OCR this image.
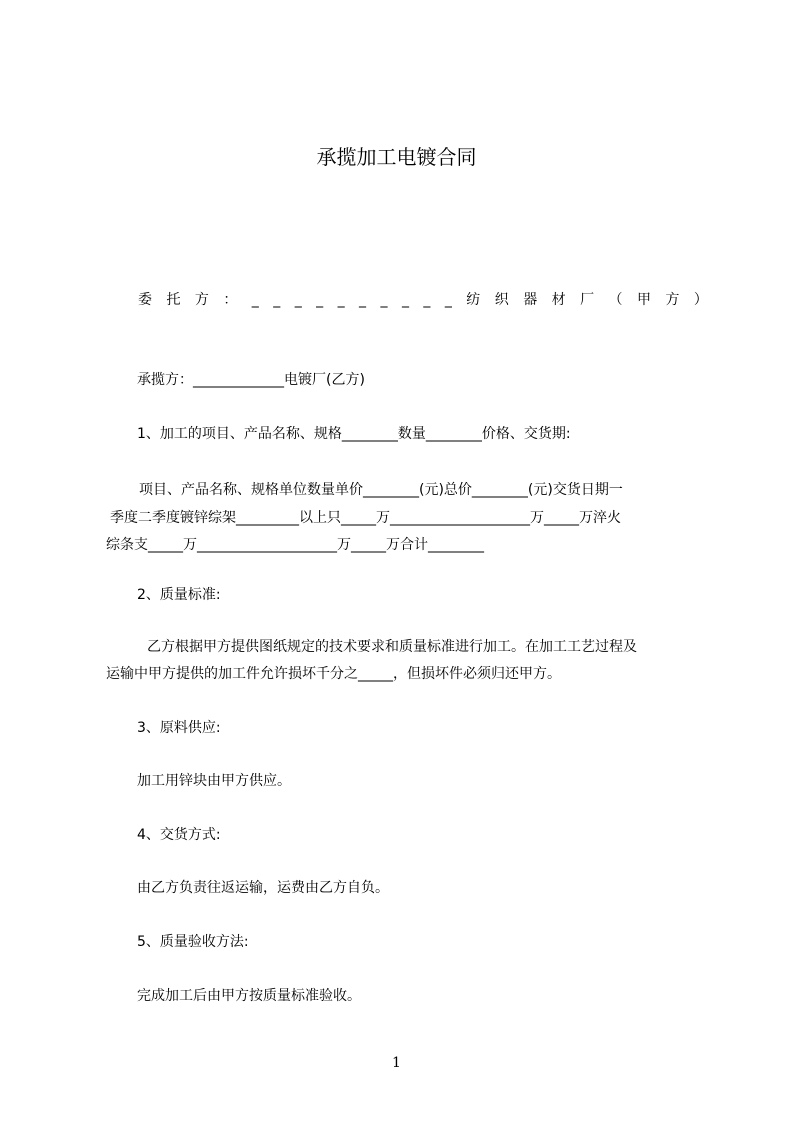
承揽加工电镀合同
委 托 方 ： _ _ _ _ _ _ _ _ _ _ 纺 织 器 材 厂 （ 甲 方 ）
承揽方：_____________电镀厂(乙方)
1、加工的项目、产品名称、规格________数量________价格、交货期:
项目、产品名称、规格单位数量单价________(元)总价________(元)交货日期一
季度二季度镀锌综架_________以上只_____万____________________万_____万淬火
综条支_____万____________________万_____万合计________
2、质量标准:
乙方根据甲方提供图纸规定的技术要求和质量标准进行加工。在加工工艺过程及
运输中甲方提供的加工件允许损坏千分之_____，但损坏件必须归还甲方。
3、原料供应:
加工用锌块由甲方供应。
4、交货方式:
由乙方负责往返运输，运费由乙方自负。
5、质量验收方法:
完成加工后由甲方按质量标准验收。
1
